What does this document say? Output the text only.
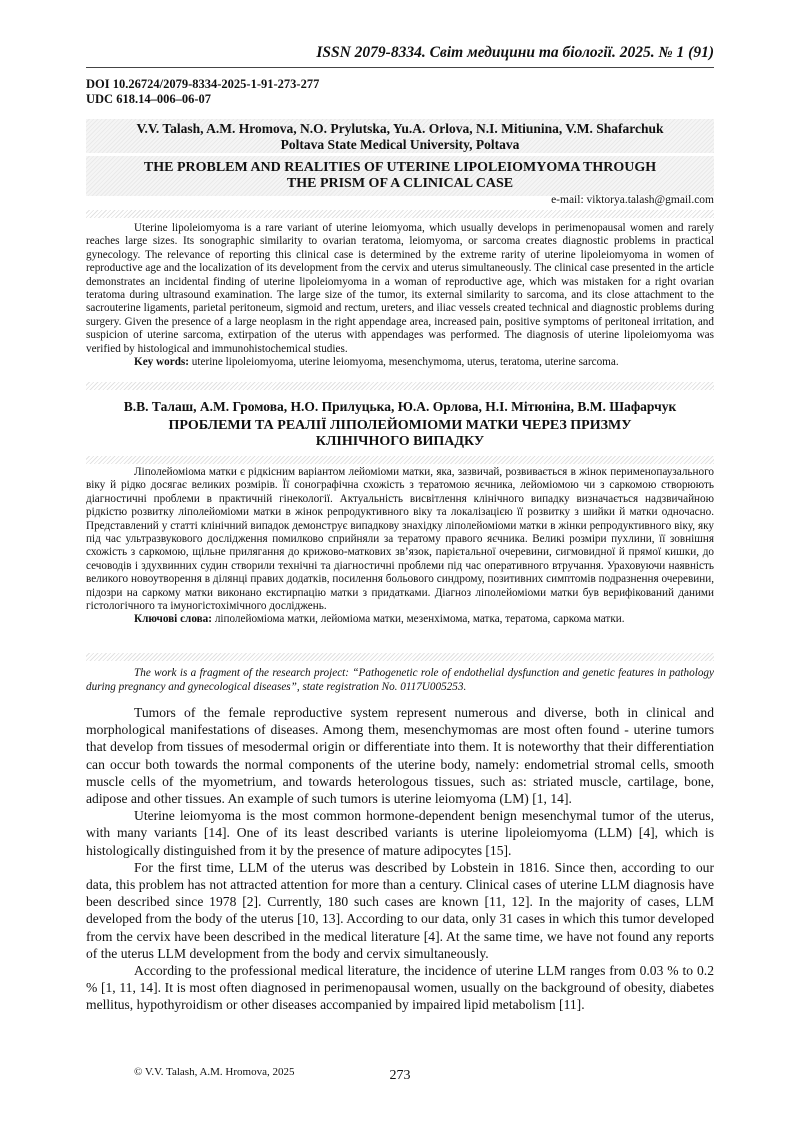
ISSN 2079-8334. Світ медицини та біології. 2025. № 1 (91)
DOI 10.26724/2079-8334-2025-1-91-273-277
UDC 618.14–006–06-07
V.V. Talash, A.M. Hromova, N.O. Prylutska, Yu.A. Orlova, N.I. Mitiunina, V.M. Shafarchuk
Poltava State Medical University, Poltava
THE PROBLEM AND REALITIES OF UTERINE LIPOLEIOMYOMA THROUGH
THE PRISM OF A CLINICAL CASE
e-mail: viktorya.talash@gmail.com

Uterine lipoleiomyoma is a rare variant of uterine leiomyoma, which usually develops in perimenopausal women and rarely reaches large sizes. Its sonographic similarity to ovarian teratoma, leiomyoma, or sarcoma creates diagnostic problems in practical gynecology. The relevance of reporting this clinical case is determined by the extreme rarity of uterine lipoleiomyoma in women of reproductive age and the localization of its development from the cervix and uterus simultaneously. The clinical case presented in the article demonstrates an incidental finding of uterine lipoleiomyoma in a woman of reproductive age, which was mistaken for a right ovarian teratoma during ultrasound examination. The large size of the tumor, its external similarity to sarcoma, and its close attachment to the sacrouterine ligaments, parietal peritoneum, sigmoid and rectum, ureters, and iliac vessels created technical and diagnostic problems during surgery. Given the presence of a large neoplasm in the right appendage area, increased pain, positive symptoms of peritoneal irritation, and suspicion of uterine sarcoma, extirpation of the uterus with appendages was performed. The diagnosis of uterine lipoleiomyoma was verified by histological and immunohistochemical studies.

Key words: uterine lipoleiomyoma, uterine leiomyoma, mesenchymoma, uterus, teratoma, uterine sarcoma.

В.В. Талаш, А.М. Громова, Н.О. Прилуцька, Ю.А. Орлова, Н.І. Мітюніна, В.М. Шафарчук
ПРОБЛЕМИ ТА РЕАЛІЇ ЛІПОЛЕЙОМІОМИ МАТКИ ЧЕРЕЗ ПРИЗМУ
КЛІНІЧНОГО ВИПАДКУ

Ліполейоміома матки є рідкісним варіантом лейоміоми матки, яка, зазвичай, розвивається в жінок перименопаузального віку й рідко досягає великих розмірів. Її сонографічна схожість з тератомою яєчника, лейоміомою чи з саркомою створюють діагностичні проблеми в практичній гінекології. Актуальність висвітлення клінічного випадку визначається надзвичайною рідкістю розвитку ліполейоміоми матки в жінок репродуктивного віку та локалізацією її розвитку з шийки й матки одночасно. Представлений у статті клінічний випадок демонструє випадкову знахідку ліполейоміоми матки в жінки репродуктивного віку, яку під час ультразвукового дослідження помилково сприйняли за тератому правого яєчника. Великі розміри пухлини, її зовнішня схожість з саркомою, щільне прилягання до крижово-маткових зв’язок, парієтальної очеревини, сигмовидної й прямої кишки, до сечоводів і здухвинних судин створили технічні та діагностичні проблеми під час оперативного втручання. Ураховуючи наявність великого новоутворення в ділянці правих додатків, посилення больового синдрому, позитивних симптомів подразнення очеревини, підозри на саркому матки виконано екстирпацію матки з придатками. Діагноз ліполейоміоми матки був верифікований даними гістологічного та імуногістохімічного досліджень.

Ключові слова: ліполейоміома матки, лейоміома матки, мезенхімома, матка, тератома, саркома матки.

The work is a fragment of the research project: “Pathogenetic role of endothelial dysfunction and genetic features in pathology during pregnancy and gynecological diseases”, state registration No. 0117U005253.

Tumors of the female reproductive system represent numerous and diverse, both in clinical and morphological manifestations of diseases. Among them, mesenchymomas are most often found - uterine tumors that develop from tissues of mesodermal origin or differentiate into them. It is noteworthy that their differentiation can occur both towards the normal components of the uterine body, namely: endometrial stromal cells, smooth muscle cells of the myometrium, and towards heterologous tissues, such as: striated muscle, cartilage, bone, adipose and other tissues. An example of such tumors is uterine leiomyoma (LM) [1, 14].

Uterine leiomyoma is the most common hormone-dependent benign mesenchymal tumor of the uterus, with many variants [14]. One of its least described variants is uterine lipoleiomyoma (LLM) [4], which is histologically distinguished from it by the presence of mature adipocytes [15].

For the first time, LLM of the uterus was described by Lobstein in 1816. Since then, according to our data, this problem has not attracted attention for more than a century. Clinical cases of uterine LLM diagnosis have been described since 1978 [2]. Currently, 180 such cases are known [11, 12]. In the majority of cases, LLM developed from the body of the uterus [10, 13]. According to our data, only 31 cases in which this tumor developed from the cervix have been described in the medical literature [4]. At the same time, we have not found any reports of the uterus LLM development from the body and cervix simultaneously.

According to the professional medical literature, the incidence of uterine LLM ranges from 0.03 % to 0.2 % [1, 11, 14]. It is most often diagnosed in perimenopausal women, usually on the background of obesity, diabetes mellitus, hypothyroidism or other diseases accompanied by impaired lipid metabolism [11].

© V.V. Talash, A.M. Hromova, 2025	273
